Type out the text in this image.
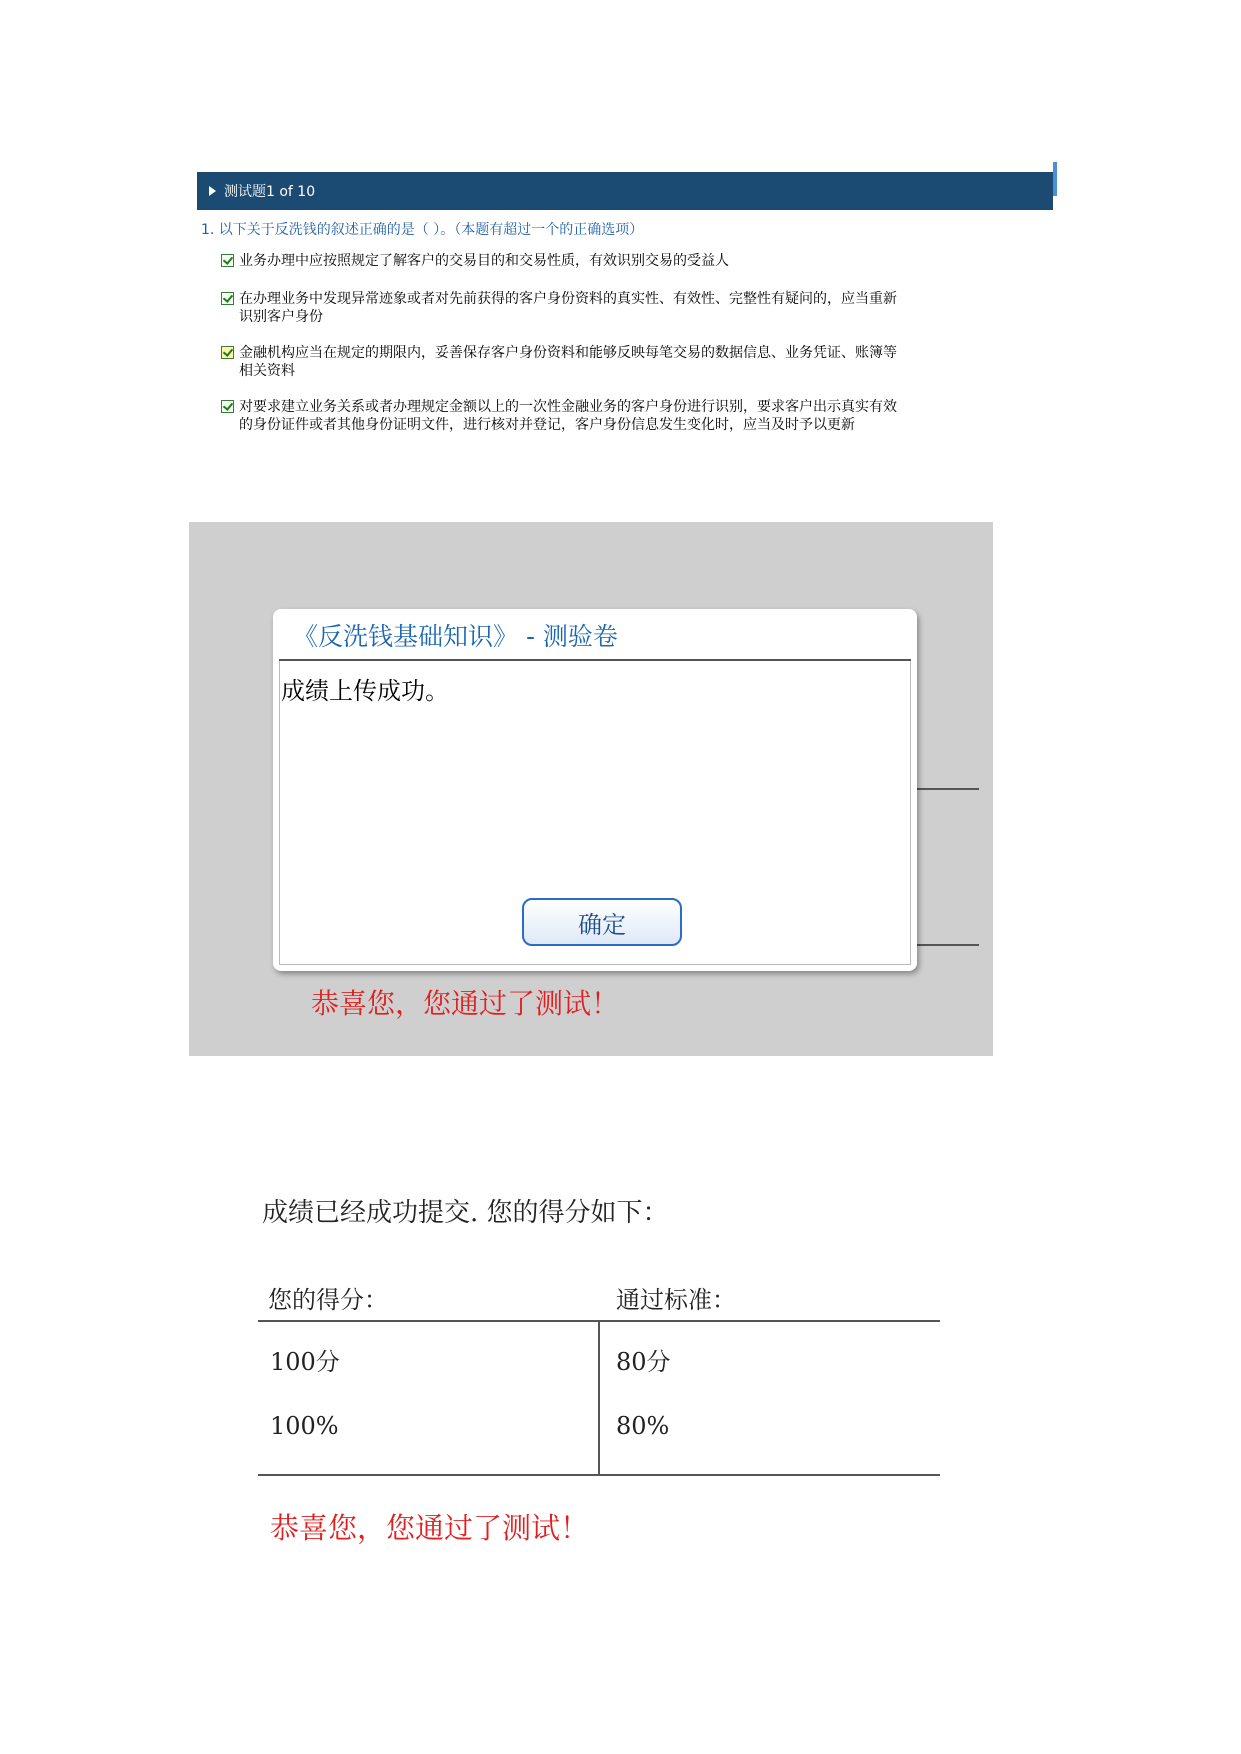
测试题1 of 10
1. 以下关于反洗钱的叙述正确的是（ ）。（本题有超过一个的正确选项）
业务办理中应按照规定了解客户的交易目的和交易性质，有效识别交易的受益人
在办理业务中发现异常迹象或者对先前获得的客户身份资料的真实性、有效性、完整性有疑问的，应当重新
识别客户身份
金融机构应当在规定的期限内，妥善保存客户身份资料和能够反映每笔交易的数据信息、业务凭证、账簿等
相关资料
对要求建立业务关系或者办理规定金额以上的一次性金融业务的客户身份进行识别，要求客户出示真实有效
的身份证件或者其他身份证明文件，进行核对并登记，客户身份信息发生变化时，应当及时予以更新
《反洗钱基础知识》 - 测验卷
成绩上传成功。
确定
恭喜您，您通过了测试！
成绩已经成功提交. 您的得分如下：
您的得分：	通过标准：
100分	80分
100%	80%
恭喜您，您通过了测试！
